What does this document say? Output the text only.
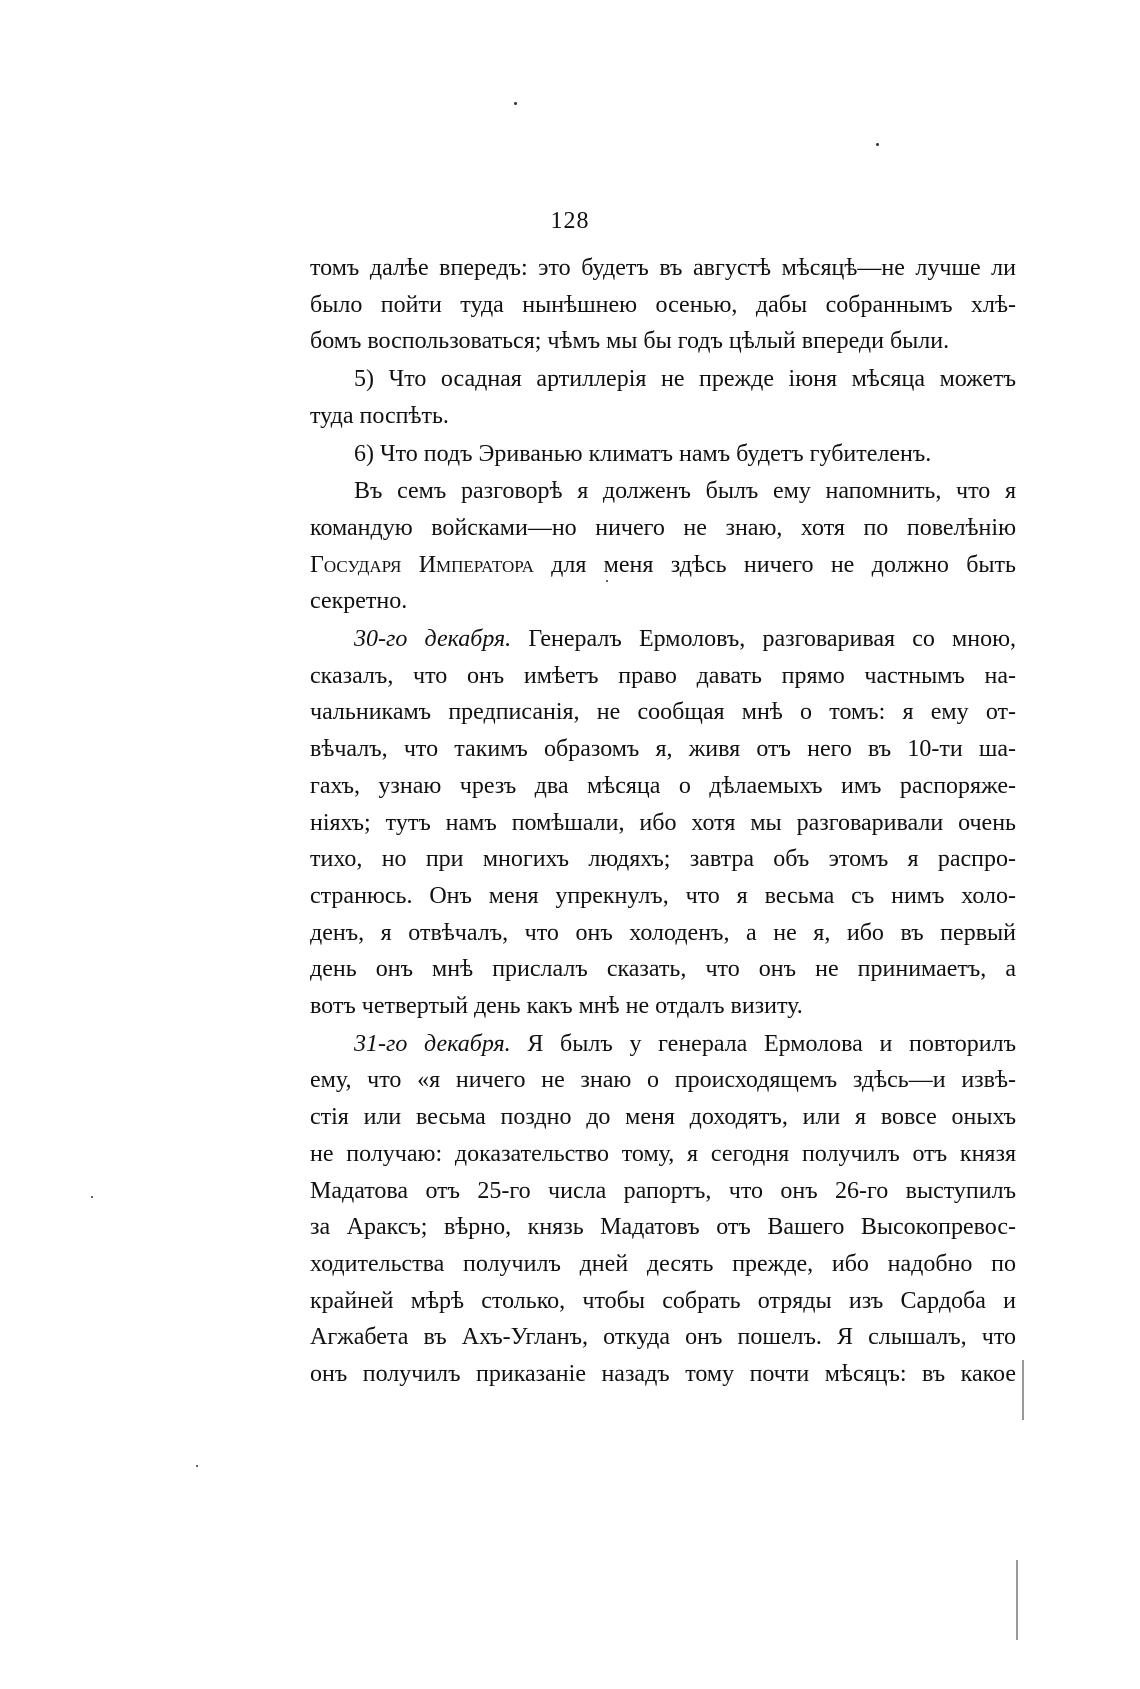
128

томъ далѣе впередъ: это будетъ въ августѣ мѣсяцѣ—не лучше ли
было пойти туда нынѣшнею осенью, дабы собраннымъ хлѣ-
бомъ воспользоваться; чѣмъ мы бы годъ цѣлый впереди были.

5) Что осадная артиллерія не прежде іюня мѣсяца можетъ
туда поспѣть.

6) Что подъ Эриванью климатъ намъ будетъ губителенъ.

Въ семъ разговорѣ я долженъ былъ ему напомнить, что я
командую войсками—но ничего не знаю, хотя по повелѣнію
Государя Императора для меня здѣсь ничего не должно быть
секретно.

30-го декабря. Генералъ Ермоловъ, разговаривая со мною,
сказалъ, что онъ имѣетъ право давать прямо частнымъ на-
чальникамъ предписанія, не сообщая мнѣ о томъ: я ему от-
вѣчалъ, что такимъ образомъ я, живя отъ него въ 10-ти ша-
гахъ, узнаю чрезъ два мѣсяца о дѣлаемыхъ имъ распоряже-
ніяхъ; тутъ намъ помѣшали, ибо хотя мы разговаривали очень
тихо, но при многихъ людяхъ; завтра объ этомъ я распро-
странюсь. Онъ меня упрекнулъ, что я весьма съ нимъ холо-
денъ, я отвѣчалъ, что онъ холоденъ, а не я, ибо въ первый
день онъ мнѣ прислалъ сказать, что онъ не принимаетъ, а
вотъ четвертый день какъ мнѣ не отдалъ визиту.

31-го декабря. Я былъ у генерала Ермолова и повторилъ
ему, что «я ничего не знаю о происходящемъ здѣсь—и извѣ-
стія или весьма поздно до меня доходятъ, или я вовсе оныхъ
не получаю: доказательство тому, я сегодня получилъ отъ князя
Мадатова отъ 25-го числа рапортъ, что онъ 26-го выступилъ
за Араксъ; вѣрно, князь Мадатовъ отъ Вашего Высокопревос-
ходительства получилъ дней десять прежде, ибо надобно по
крайней мѣрѣ столько, чтобы собрать отряды изъ Сардоба и
Агжабета въ Ахъ-Угланъ, откуда онъ пошелъ. Я слышалъ, что
онъ получилъ приказаніе назадъ тому почти мѣсяцъ: въ какое
